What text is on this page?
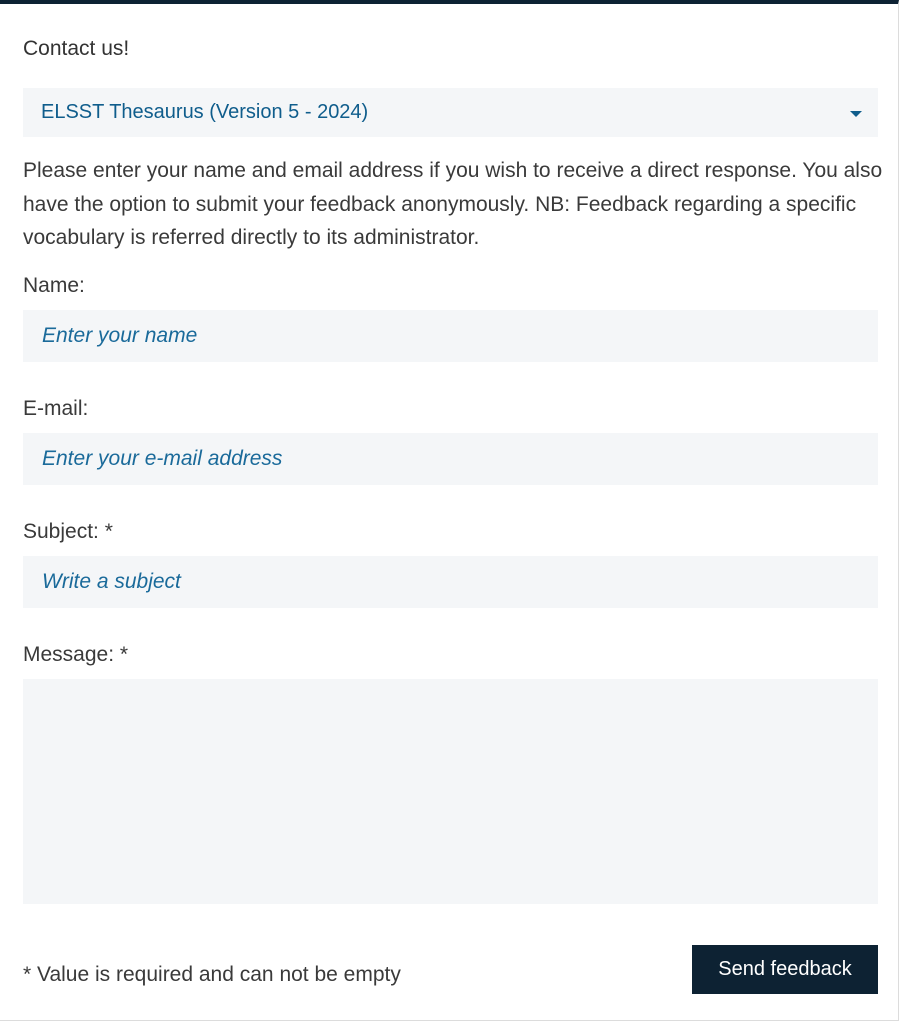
Contact us!
ELSST Thesaurus (Version 5 - 2024)
Please enter your name and email address if you wish to receive a direct response. You also have the option to submit your feedback anonymously. NB: Feedback regarding a specific vocabulary is referred directly to its administrator.
Name:
Enter your name
E-mail:
Enter your e-mail address
Subject: *
Write a subject
Message: *
* Value is required and can not be empty	Send feedback
